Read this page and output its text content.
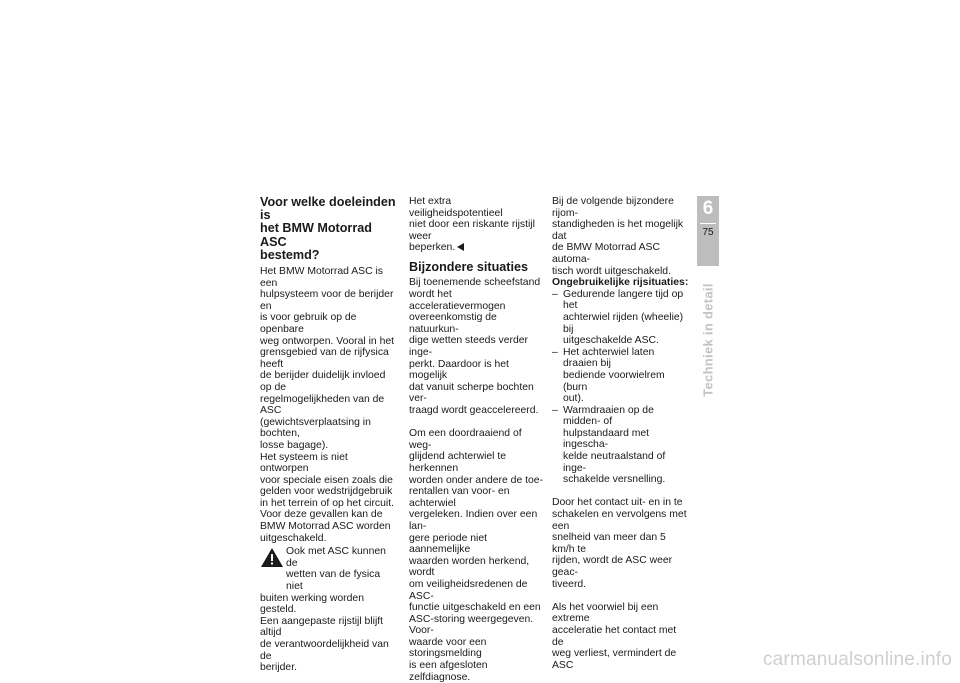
Voor welke doeleinden is
het BMW Motorrad ASC
bestemd?

Het BMW Motorrad ASC is een
hulpsysteem voor de berijder en
is voor gebruik op de openbare
weg ontworpen. Vooral in het
grensgebied van de rijfysica heeft
de berijder duidelijk invloed op de
regelmogelijkheden van de ASC
(gewichtsverplaatsing in bochten,
losse bagage).

Het systeem is niet ontworpen
voor speciale eisen zoals die
gelden voor wedstrijdgebruik
in het terrein of op het circuit.
Voor deze gevallen kan de
BMW Motorrad ASC worden
uitgeschakeld.

Ook met ASC kunnen de
wetten van de fysica niet

buiten werking worden gesteld.
Een aangepaste rijstijl blijft altijd
de verantwoordelijkheid van de
berijder.

Het extra veiligheidspotentieel
niet door een riskante rijstijl weer
beperken.

Bijzondere situaties

Bij toenemende scheefstand
wordt het acceleratievermogen
overeenkomstig de natuurkun-
dige wetten steeds verder inge-
perkt. Daardoor is het mogelijk
dat vanuit scherpe bochten ver-
traagd wordt geaccelereerd.

Om een doordraaiend of weg-
glijdend achterwiel te herkennen
worden onder andere de toe-
rentallen van voor- en achterwiel
vergeleken. Indien over een lan-
gere periode niet aannemelijke
waarden worden herkend, wordt
om veiligheidsredenen de ASC-
functie uitgeschakeld en een
ASC-storing weergegeven. Voor-
waarde voor een storingsmelding
is een afgesloten zelfdiagnose.

Bij de volgende bijzondere rijom-
standigheden is het mogelijk dat
de BMW Motorrad ASC automa-
tisch wordt uitgeschakeld.

Ongebruikelijke rijsituaties:

– Gedurende langere tijd op het
achterwiel rijden (wheelie) bij
uitgeschakelde ASC.
– Het achterwiel laten draaien bij
bediende voorwielrem (burn
out).
– Warmdraaien op de midden- of
hulpstandaard met ingescha-
kelde neutraalstand of inge-
schakelde versnelling.

Door het contact uit- en in te
schakelen en vervolgens met een
snelheid van meer dan 5 km/h te
rijden, wordt de ASC weer geac-
tiveerd.

Als het voorwiel bij een extreme
acceleratie het contact met de
weg verliest, vermindert de ASC

6
75
Techniek in detail
carmanualsonline.info
